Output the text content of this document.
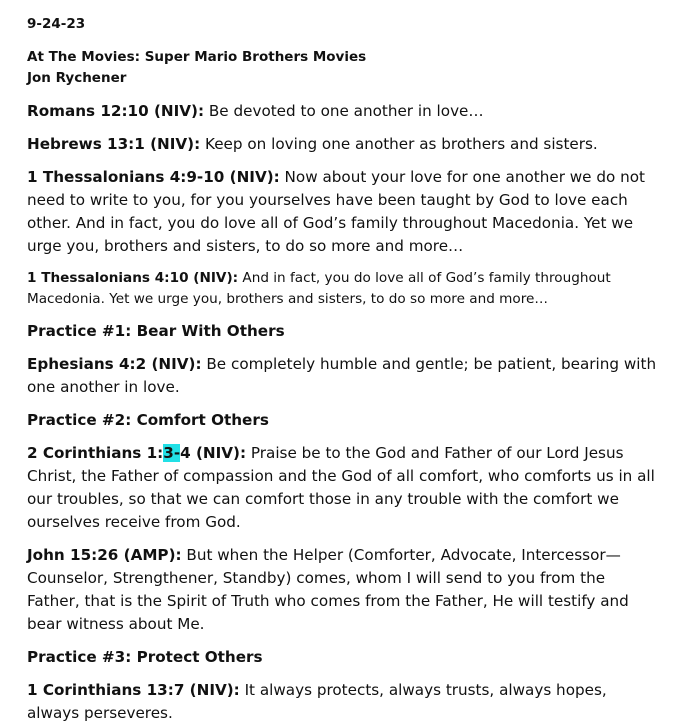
9-24-23
At The Movies: Super Mario Brothers Movies
Jon Rychener

Romans 12:10 (NIV): Be devoted to one another in love…

Hebrews 13:1 (NIV): Keep on loving one another as brothers and sisters.

1 Thessalonians 4:9-10 (NIV): Now about your love for one another we do not need to write to you, for you yourselves have been taught by God to love each other. And in fact, you do love all of God’s family throughout Macedonia. Yet we urge you, brothers and sisters, to do so more and more…

1 Thessalonians 4:10 (NIV): And in fact, you do love all of God’s family throughout Macedonia. Yet we urge you, brothers and sisters, to do so more and more…

Practice #1: Bear With Others

Ephesians 4:2 (NIV): Be completely humble and gentle; be patient, bearing with one another in love.

Practice #2: Comfort Others

2 Corinthians 1:3-4 (NIV): Praise be to the God and Father of our Lord Jesus Christ, the Father of compassion and the God of all comfort, who comforts us in all our troubles, so that we can comfort those in any trouble with the comfort we ourselves receive from God.

John 15:26 (AMP): But when the Helper (Comforter, Advocate, Intercessor—Counselor, Strengthener, Standby) comes, whom I will send to you from the Father, that is the Spirit of Truth who comes from the Father, He will testify and bear witness about Me.

Practice #3: Protect Others

1 Corinthians 13:7 (NIV): It always protects, always trusts, always hopes, always perseveres.
